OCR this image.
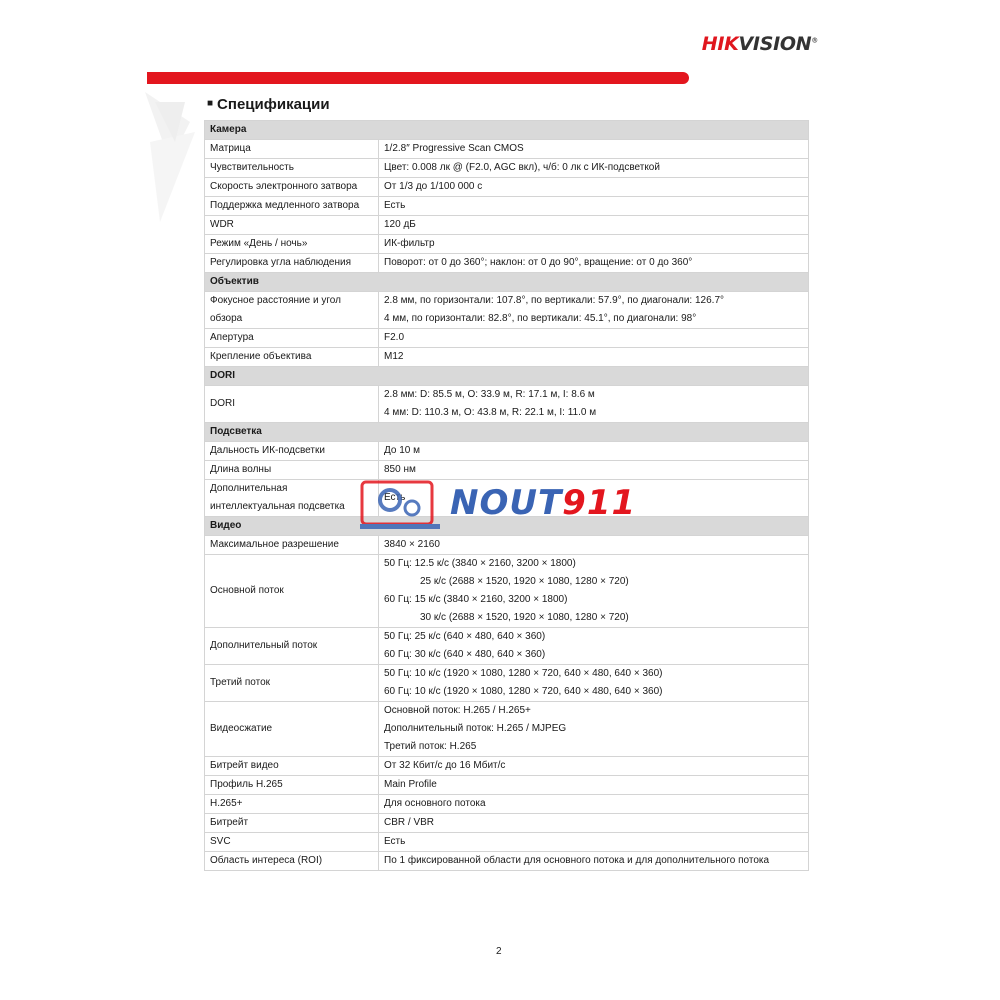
HIKVISION®
■ Спецификации
Камера	
Матрица	1/2.8″ Progressive Scan CMOS

Чувствительность	Цвет: 0.008 лк @ (F2.0, AGC вкл), ч/б: 0 лк с ИК-подсветкой

Скорость электронного затвора	От 1/3 до 1/100 000 с

Поддержка медленного затвора	Есть

WDR	120 дБ

Режим «День / ночь»	ИК-фильтр

Регулировка угла наблюдения	Поворот: от 0 до 360°; наклон: от 0 до 90°, вращение: от 0 до 360°

Объектив	
Фокусное расстояние и угол обзора	2.8 мм, по горизонтали: 107.8°, по вертикали: 57.9°, по диагонали: 126.7°
4 мм, по горизонтали: 82.8°, по вертикали: 45.1°, по диагонали: 98°

Апертура	F2.0

Крепление объектива	M12

DORI	
DORI	2.8 мм: D: 85.5 м, O: 33.9 м, R: 17.1 м, I: 8.6 м
4 мм: D: 110.3 м, O: 43.8 м, R: 22.1 м, I: 11.0 м

Подсветка	
Дальность ИК-подсветки	До 10 м

Длина волны	850 нм

Дополнительная интеллектуальная подсветка	Есть

Видео	
Максимальное разрешение	3840 × 2160

Основной поток	50 Гц: 12.5 к/с (3840 × 2160, 3200 × 1800)
25 к/с (2688 × 1520, 1920 × 1080, 1280 × 720)
60 Гц: 15 к/с (3840 × 2160, 3200 × 1800)
30 к/с (2688 × 1520, 1920 × 1080, 1280 × 720)

Дополнительный поток	50 Гц: 25 к/с (640 × 480, 640 × 360)
60 Гц: 30 к/с (640 × 480, 640 × 360)

Третий поток	50 Гц: 10 к/с (1920 × 1080, 1280 × 720, 640 × 480, 640 × 360)
60 Гц: 10 к/с (1920 × 1080, 1280 × 720, 640 × 480, 640 × 360)

Видеосжатие	Основной поток: H.265 / H.265+
Дополнительный поток: H.265 / MJPEG
Третий поток: H.265

Битрейт видео	От 32 Кбит/с до 16 Мбит/с

Профиль H.265	Main Profile

H.265+	Для основного потока

Битрейт	CBR / VBR

SVC	Есть

Область интереса (ROI)	По 1 фиксированной области для основного потока и для дополнительного потока
NOUT911
2
